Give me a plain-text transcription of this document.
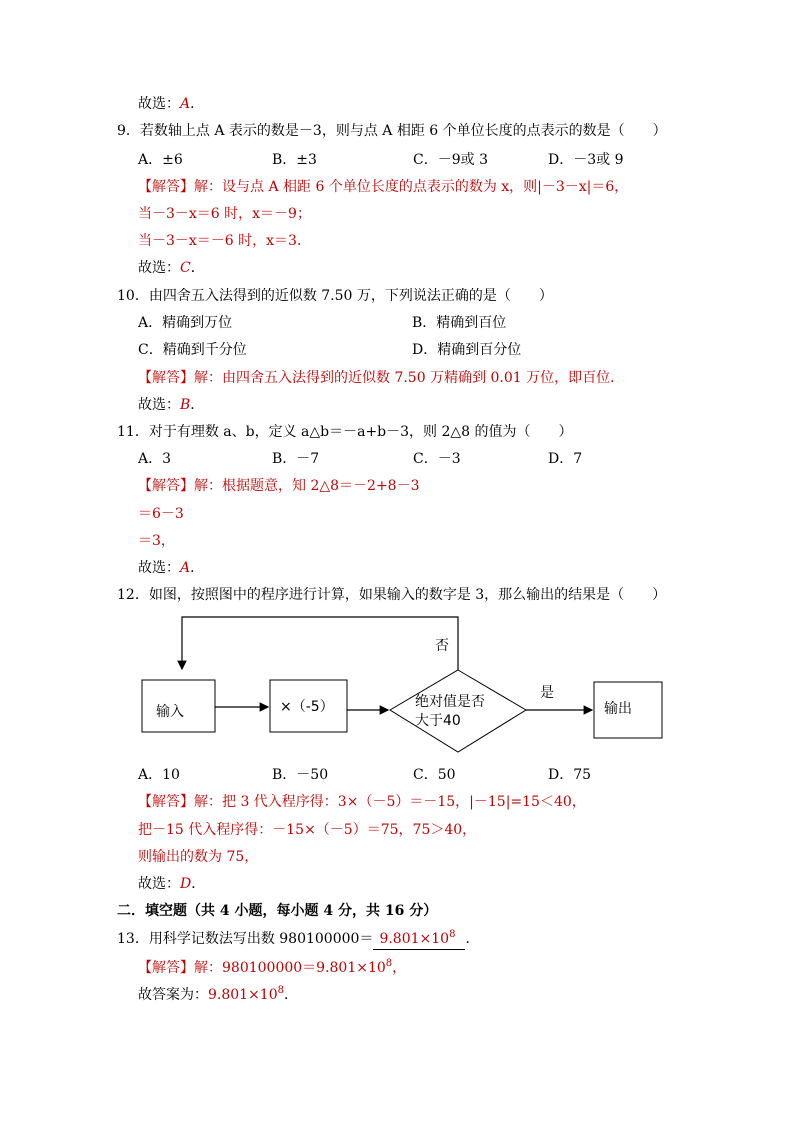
故选：A．
9．若数轴上点 A 表示的数是－3，则与点 A 相距 6 个单位长度的点表示的数是（　　）
A．±6	B．±3	C．－9或 3	D．－3或 9
【解答】解：设与点 A 相距 6 个单位长度的点表示的数为 x，则|－3－x|＝6，
当－3－x＝6 时，x＝－9；
当－3－x＝－6 时，x＝3．
故选：C．
10．由四舍五入法得到的近似数 7.50 万，下列说法正确的是（　　）
A．精确到万位	B．精确到百位
C．精确到千分位	D．精确到百分位
【解答】解：由四舍五入法得到的近似数 7.50 万精确到 0.01 万位，即百位．
故选：B．
11．对于有理数 a、b，定义 a△b＝－a+b－3，则 2△8 的值为（　　）
A．3	B．－7	C．－3	D．7
【解答】解：根据题意，知 2△8＝－2+8－3
＝6－3
＝3，
故选：A．
12．如图，按照图中的程序进行计算，如果输入的数字是 3，那么输出的结果是（　　）
输入	×（-5）	绝对值是否
大于40
否
是
输出
A．10	B．－50	C．50	D．75
【解答】解：把 3 代入程序得：3×（－5）＝－15，|－15|=15＜40，
把－15 代入程序得：－15×（－5）＝75，75＞40，
则输出的数为 75，
故选：D．
二．填空题（共 4 小题，每小题 4 分，共 16 分）
13．用科学记数法写出数 $980100000= 9.801\times 10^8$ ．
【解答】解：$980100000=9.801\times 10^8$，
故答案为：$9.801\times 10^8$．
